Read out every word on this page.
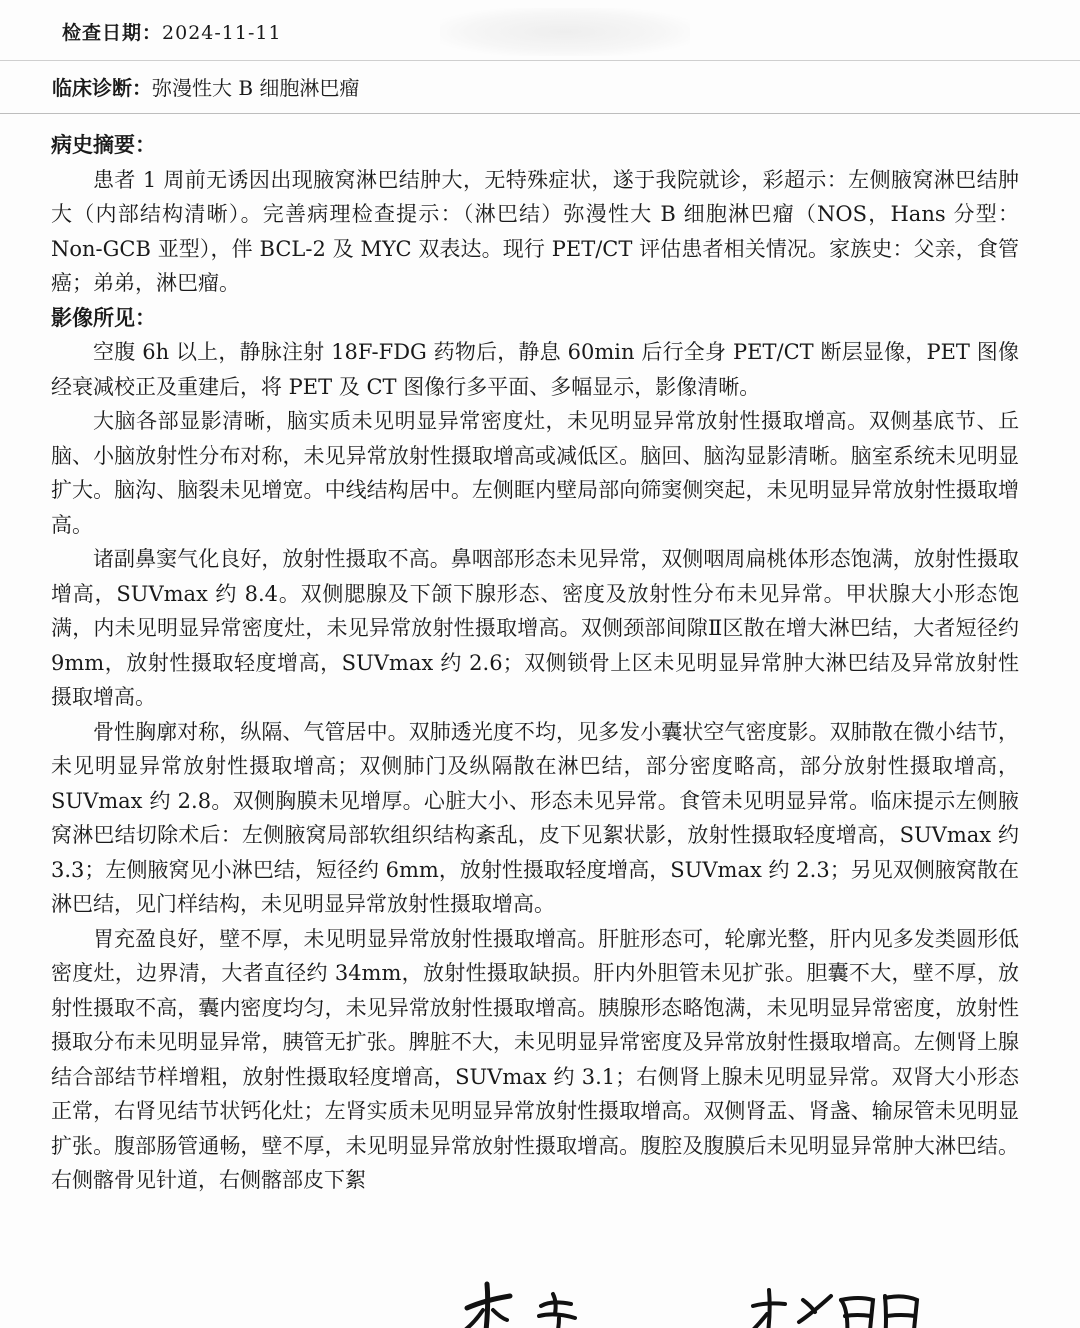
检查日期：2024-11-11
临床诊断：弥漫性大 B 细胞淋巴瘤
病史摘要：

患者 1 周前无诱因出现腋窝淋巴结肿大，无特殊症状，遂于我院就诊，彩超示：左侧腋窝淋巴结肿大（内部结构清晰）。完善病理检查提示：（淋巴结）弥漫性大 B 细胞淋巴瘤（NOS，Hans 分型：Non-GCB 亚型），伴 BCL-2 及 MYC 双表达。现行 PET/CT 评估患者相关情况。家族史：父亲，食管癌；弟弟，淋巴瘤。

影像所见：

空腹 6h 以上，静脉注射 18F-FDG 药物后，静息 60min 后行全身 PET/CT 断层显像，PET 图像经衰减校正及重建后，将 PET 及 CT 图像行多平面、多幅显示，影像清晰。

大脑各部显影清晰，脑实质未见明显异常密度灶，未见明显异常放射性摄取增高。双侧基底节、丘脑、小脑放射性分布对称，未见异常放射性摄取增高或减低区。脑回、脑沟显影清晰。脑室系统未见明显扩大。脑沟、脑裂未见增宽。中线结构居中。左侧眶内壁局部向筛窦侧突起，未见明显异常放射性摄取增高。

诸副鼻窦气化良好，放射性摄取不高。鼻咽部形态未见异常，双侧咽周扁桃体形态饱满，放射性摄取增高，SUVmax 约 8.4。双侧腮腺及下颌下腺形态、密度及放射性分布未见异常。甲状腺大小形态饱满，内未见明显异常密度灶，未见异常放射性摄取增高。双侧颈部间隙Ⅱ区散在增大淋巴结，大者短径约 9mm，放射性摄取轻度增高，SUVmax 约 2.6；双侧锁骨上区未见明显异常肿大淋巴结及异常放射性摄取增高。

骨性胸廓对称，纵隔、气管居中。双肺透光度不均，见多发小囊状空气密度影。双肺散在微小结节，未见明显异常放射性摄取增高；双侧肺门及纵隔散在淋巴结，部分密度略高，部分放射性摄取增高，SUVmax 约 2.8。双侧胸膜未见增厚。心脏大小、形态未见异常。食管未见明显异常。临床提示左侧腋窝淋巴结切除术后：左侧腋窝局部软组织结构紊乱，皮下见絮状影，放射性摄取轻度增高，SUVmax 约 3.3；左侧腋窝见小淋巴结，短径约 6mm，放射性摄取轻度增高，SUVmax 约 2.3；另见双侧腋窝散在淋巴结，见门样结构，未见明显异常放射性摄取增高。

胃充盈良好，壁不厚，未见明显异常放射性摄取增高。肝脏形态可，轮廓光整，肝内见多发类圆形低密度灶，边界清，大者直径约 34mm，放射性摄取缺损。肝内外胆管未见扩张。胆囊不大，壁不厚，放射性摄取不高，囊内密度均匀，未见异常放射性摄取增高。胰腺形态略饱满，未见明显异常密度，放射性摄取分布未见明显异常，胰管无扩张。脾脏不大，未见明显异常密度及异常放射性摄取增高。左侧肾上腺结合部结节样增粗，放射性摄取轻度增高，SUVmax 约 3.1；右侧肾上腺未见明显异常。双肾大小形态正常，右肾见结节状钙化灶；左肾实质未见明显异常放射性摄取增高。双侧肾盂、肾盏、输尿管未见明显扩张。腹部肠管通畅，壁不厚，未见明显异常放射性摄取增高。腹腔及腹膜后未见明显异常肿大淋巴结。右侧髂骨见针道，右侧髂部皮下絮
